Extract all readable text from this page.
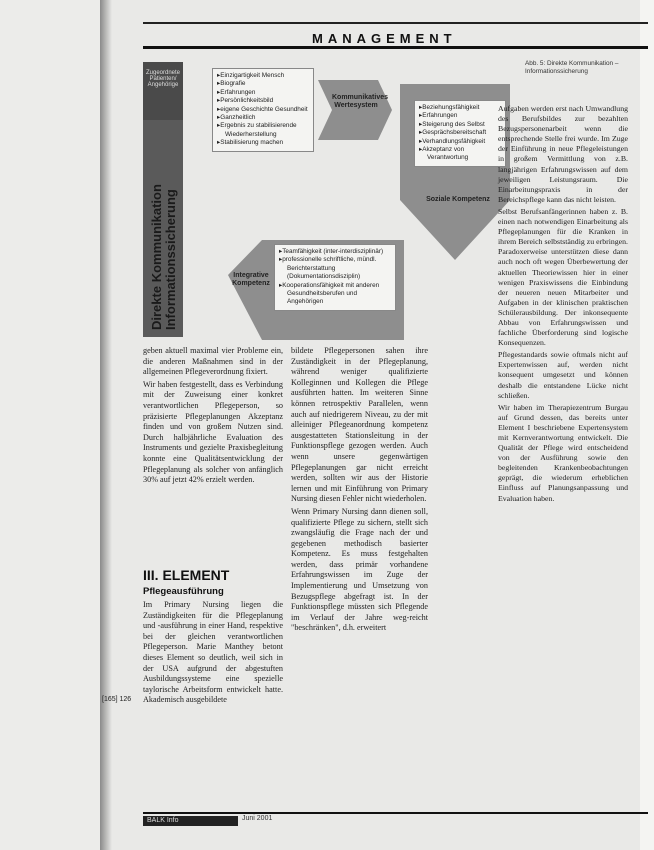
MANAGEMENT
Zugeordnete Patienten/ Angehörige
Direkte Kommunikation Informationssicherung
▸ Einzigartigkeit Mensch
▸ Biografie
▸ Erfahrungen
▸ Persönlichkeitsbild
▸ eigene Geschichte Gesundheit
▸ Ganzheitlich
▸ Ergebnis zu stabilisierende Wiederherstellung
▸ Stabilisierung machen
Kommunikatives Wertesystem
▸	Beziehungsfähigkeit
▸ Erfahrungen
▸ Steigerung des Selbst
▸ Gesprächsbereitschaft
▸ Verhandlungsfähigkeit
▸ Akzeptanz von Verantwortung
Soziale Kompetenz
Integrative Kompetenz
▸ Teamfähigkeit (inter-interdisziplinär)
▸ professionelle schriftliche, mündl. Berichterstattung (Dokumentationsdisziplin)
▸ Kooperationsfähigkeit mit anderen Gesundheitsberufen und Angehörigen
Abb. 5: Direkte Kommunikation – Informationssicherung

geben aktuell maximal vier Probleme ein, die anderen Maßnahmen sind in der allgemeinen Pflegeverordnung fixiert.

Wir haben festgestellt, dass es Verbindung mit der Zuweisung einer konkret verantwortlichen Pflegeperson, so präzisierte Pflegeplanungen Akzeptanz finden und von großem Nutzen sind. Durch halbjährliche Evaluation des Instruments und gezielte Praxisbegleitung konnte eine Qualitätsentwicklung der Pflegeplanung als solcher von anfänglich 30% auf jetzt 42% erzielt werden.

III. ELEMENT
Pflegeausführung

Im Primary Nursing liegen die Zuständigkeiten für die Pflegeplanung und -ausführung in einer Hand, respektive bei der gleichen verantwortlichen Pflegeperson. Marie Manthey betont dieses Element so deutlich, weil sich in der USA aufgrund der abgestuften Ausbildungssysteme eine spezielle taylorische Arbeitsform entwickelt hatte. Akademisch ausgebildete

[165] 126

bildete Pflegepersonen sahen ihre Zuständigkeit in der Pflegeplanung, während weniger qualifizierte Kolleginnen und Kollegen die Pflege ausführten hatten. Im weiteren Sinne können retrospektiv Parallelen, wenn auch auf niedrigerem Niveau, zu der mit alleiniger Pflegeanordnung kompetenz ausgestatteten Stationsleitung in der Funktionspflege gezogen werden. Auch wenn unsere gegenwärtigen Pflegeplanungen gar nicht erreicht werden, sollten wir aus der Historie lernen und mit Einführung von Primary Nursing diesen Fehler nicht wiederholen.

Wenn Primary Nursing dann dienen soll, qualifizierte Pflege zu sichern, stellt sich zwangsläufig die Frage nach der und gegebenen methodisch basierter Kompetenz. Es muss festgehalten werden, dass primär vorhandene Erfahrungswissen im Zuge der Implementierung und Umsetzung von Bezugspflege abgefragt ist. In der Funktionspflege müssten sich Pflegende im Verlauf der Jahre weg-reicht "beschränken", d.h. erweitert

Aufgaben werden erst nach Umwandlung des Berufsbildes zur bezahlten Bezugspersonenarbeit wenn die entsprechende Stelle frei wurde. Im Zuge der Einführung in neue Pflegeleistungen in großem Vermittlung von z.B. langjährigen Erfahrungswissen auf dem jeweiligen Leistungsraum. Die Einarbeitungspraxis in der Bereichspflege kann das nicht leisten.

Selbst Berufsanfängerinnen haben z. B. einen nach notwendigen Einarbeitung als Pflegeplanungen für die Kranken in ihrem Bereich selbstständig zu erbringen. Paradoxerweise unterstützen diese dann auch noch oft wegen Überbewertung der aktuellen Theoriewissen hier in einer wenigen Praxiswissens die Einbindung der neueren neuen Mitarbeiter und Aufgaben in der klinischen praktischen Schülerausbildung. Der inkonsequente Abbau von Erfahrungswissen und fachliche Überforderung sind logische Konsequenzen.

Pflegestandards sowie oftmals nicht auf Expertenwissen auf, werden nicht konsequent umgesetzt und können deshalb die entstandene Lücke nicht schließen.

Wir haben im Therapiezentrum Burgau auf Grund dessen, das bereits unter Element I beschriebene Expertensystem mit Kernverantwortung entwickelt. Die Qualität der Pflege wird entscheidend von der Ausführung sowie den begleitenden Krankenbeobachtungen geprägt, die wiederum erheblichen Einfluss auf Planungsanpassung und Evaluation haben.

BALK Info	Juni 2001
